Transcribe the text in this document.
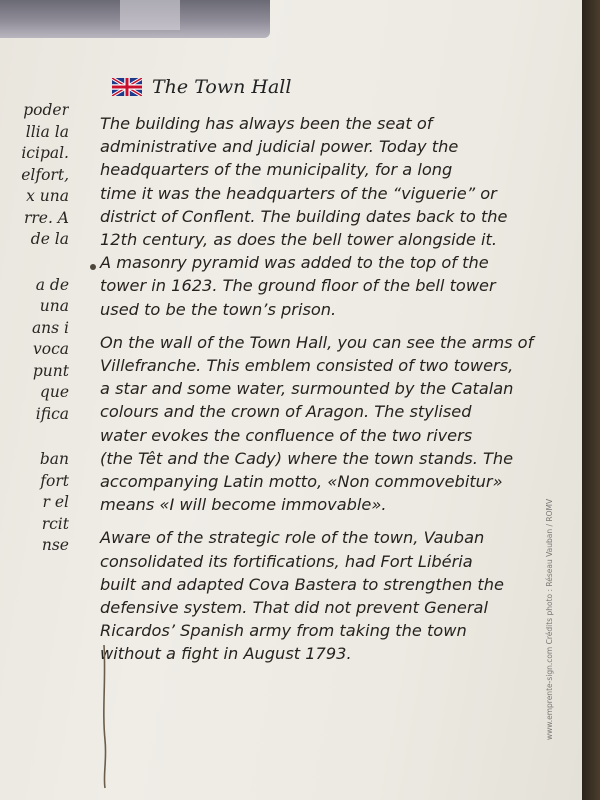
poder
llia la
icipal.
elfort,
x una
rre. A
de la

a de
una
ans i
voca
punt
que
ifica

ban
fort
r el
rcit
nse
The Town Hall
The building has always been the seat of
administrative and judicial power. Today the
headquarters of the municipality, for a long
time it was the headquarters of the “viguerie” or
district of Conflent. The building dates back to the
12th century, as does the bell tower alongside it.
A masonry pyramid was added to the top of the
tower in 1623. The ground floor of the bell tower
used to be the town’s prison.
On the wall of the Town Hall, you can see the arms of
Villefranche. This emblem consisted of two towers,
a star and some water, surmounted by the Catalan
colours and the crown of Aragon. The stylised
water evokes the confluence of the two rivers
(the Têt and the Cady) where the town stands. The
accompanying Latin motto, «Non commovebitur»
means «I will become immovable».
Aware of the strategic role of the town, Vauban
consolidated its fortifications, had Fort Libéria
built and adapted Cova Bastera to strengthen the
defensive system. That did not prevent General
Ricardos’ Spanish army from taking the town
without a fight in August 1793.	www.emprente-sign.com Crédits photo : Réseau Vauban / ROMV
